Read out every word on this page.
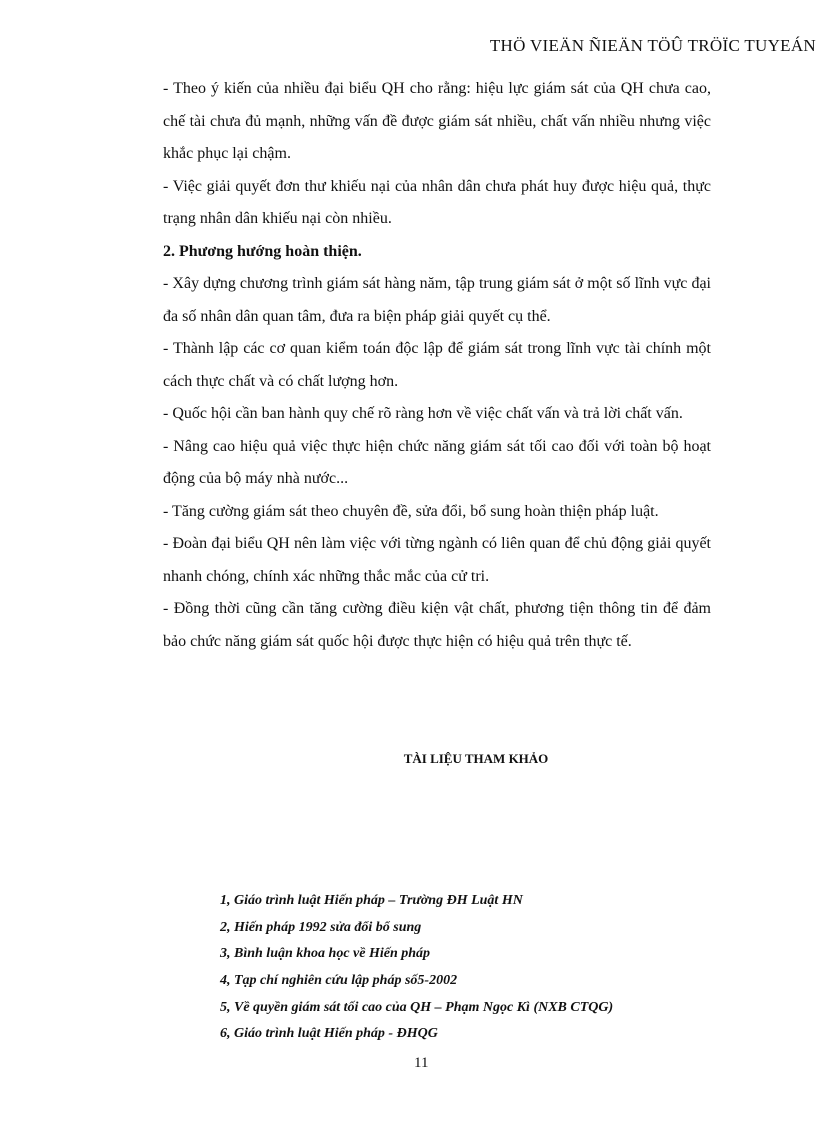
THÖ VIEÄN ÑIEÄN TÖÛ TRÖÏC TUYEÁN

- Theo ý kiến của nhiều đại biểu QH cho rằng: hiệu lực giám sát của QH chưa cao, chế tài chưa đủ mạnh, những vấn đề được giám sát nhiều, chất vấn nhiều nhưng việc khắc phục lại chậm.

- Việc giải quyết đơn thư khiếu nại của nhân dân chưa phát huy được hiệu quả, thực trạng nhân dân khiếu nại còn nhiều.

2. Phương hướng hoàn thiện.

- Xây dựng chương trình giám sát hàng năm, tập trung giám sát ở một số lĩnh vực đại đa số nhân dân quan tâm, đưa ra biện pháp giải quyết cụ thể.

- Thành lập các cơ quan kiểm toán độc lập để giám sát trong lĩnh vực tài chính một cách thực chất và có chất lượng hơn.

- Quốc hội cần ban hành quy chế rõ ràng hơn về việc chất vấn và trả lời chất vấn.

- Nâng cao hiệu quả việc thực hiện chức năng giám sát tối cao đối với toàn bộ hoạt động của bộ máy nhà nước...

- Tăng cường giám sát theo chuyên đề, sửa đổi, bổ sung hoàn thiện pháp luật.

- Đoàn đại biểu QH nên làm việc với từng ngành có liên quan để chủ động giải quyết nhanh chóng, chính xác những thắc mắc của cử tri.

- Đồng thời cũng cần tăng cường điều kiện vật chất, phương tiện thông tin để đảm bảo chức năng giám sát quốc hội được thực hiện có hiệu quả trên thực tế.

TÀI LIỆU THAM KHẢO
1, Giáo trình luật Hiến pháp – Trường ĐH Luật HN
2, Hiến pháp 1992 sửa đổi bổ sung
3, Bình luận khoa học về Hiến pháp
4, Tạp chí nghiên cứu lập pháp số5-2002
5, Về quyền giám sát tối cao của QH – Phạm Ngọc Kì (NXB CTQG)
6, Giáo trình luật Hiến pháp - ĐHQG
11
